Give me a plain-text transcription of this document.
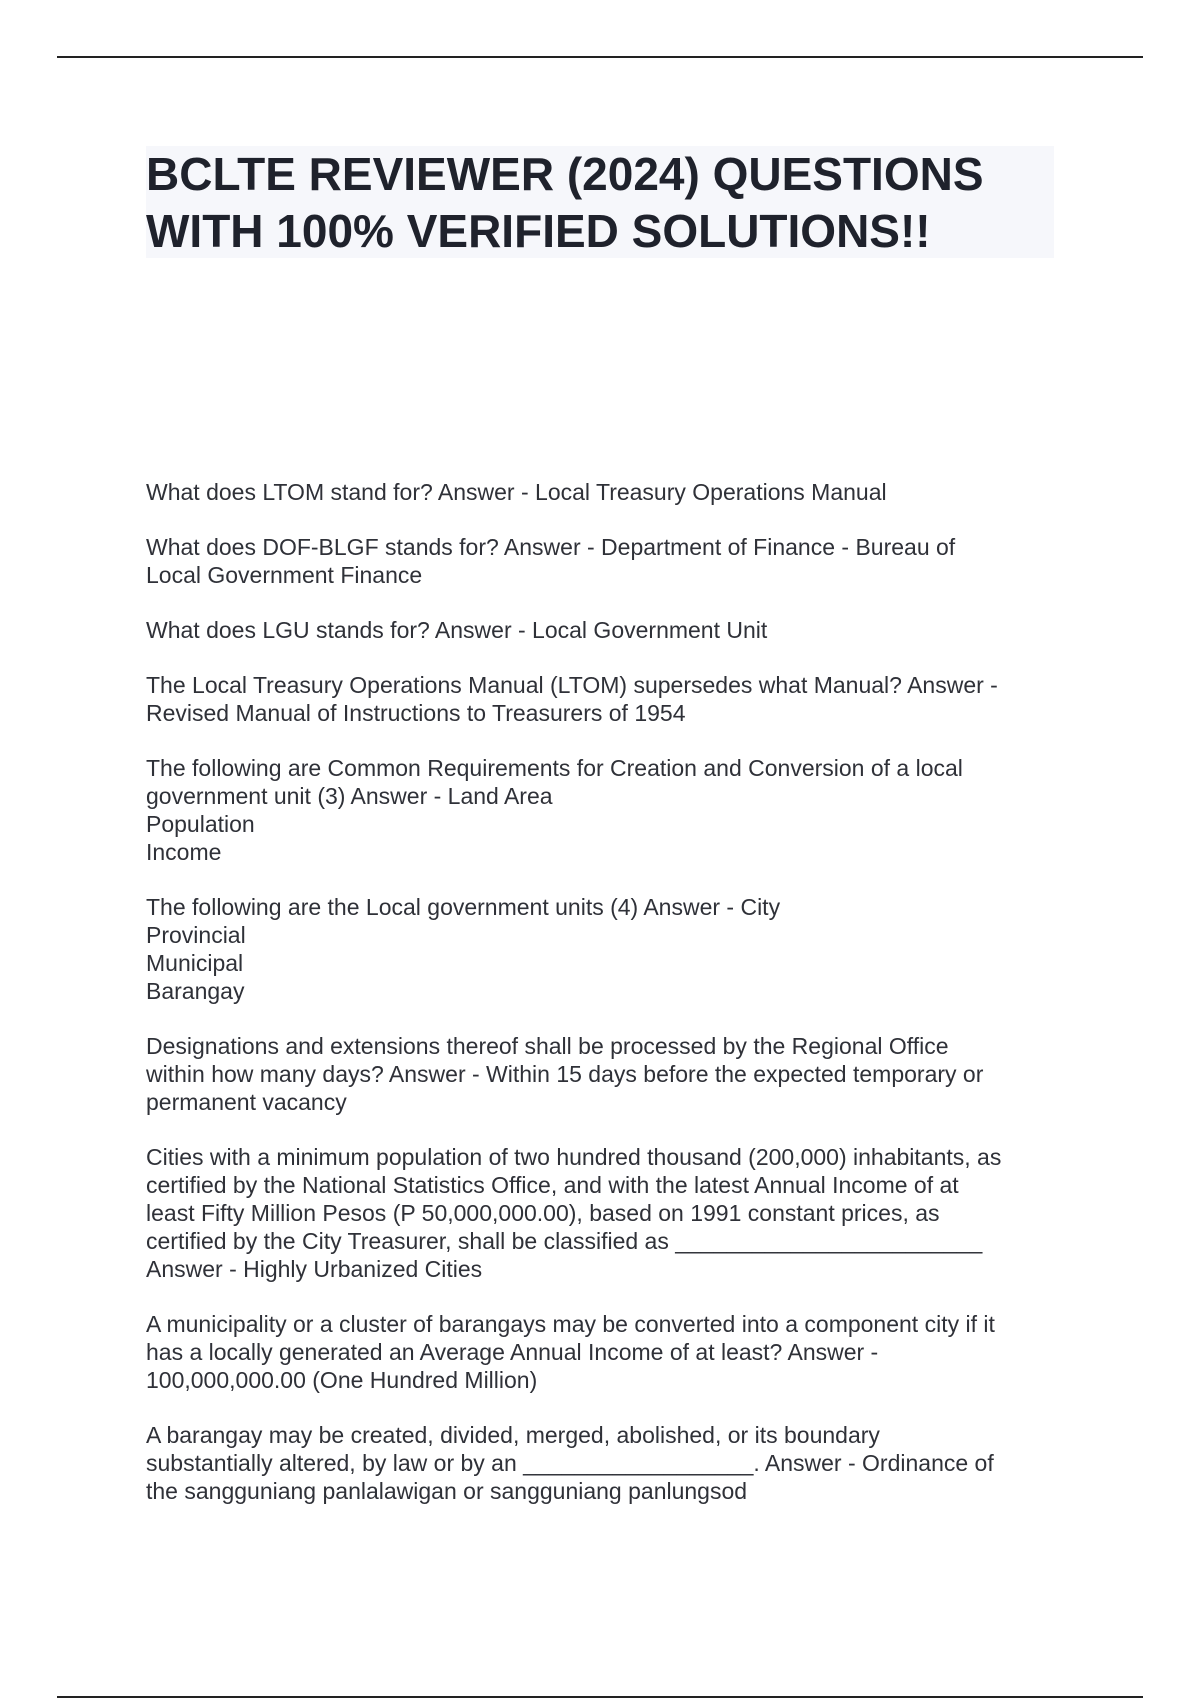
BCLTE REVIEWER (2024) QUESTIONS
WITH 100% VERIFIED SOLUTIONS!!

What does LTOM stand for? Answer - Local Treasury Operations Manual

What does DOF-BLGF stands for? Answer - Department of Finance - Bureau of
Local Government Finance

What does LGU stands for? Answer - Local Government Unit

The Local Treasury Operations Manual (LTOM) supersedes what Manual? Answer -
Revised Manual of Instructions to Treasurers of 1954

The following are Common Requirements for Creation and Conversion of a local
government unit (3) Answer - Land Area
Population
Income

The following are the Local government units (4) Answer - City
Provincial
Municipal
Barangay

Designations and extensions thereof shall be processed by the Regional Office
within how many days? Answer - Within 15 days before the expected temporary or
permanent vacancy

Cities with a minimum population of two hundred thousand (200,000) inhabitants, as
certified by the National Statistics Office, and with the latest Annual Income of at
least Fifty Million Pesos (P 50,000,000.00), based on 1991 constant prices, as
certified by the City Treasurer, shall be classified as ________________________
Answer - Highly Urbanized Cities

A municipality or a cluster of barangays may be converted into a component city if it
has a locally generated an Average Annual Income of at least? Answer -
100,000,000.00 (One Hundred Million)

A barangay may be created, divided, merged, abolished, or its boundary
substantially altered, by law or by an __________________. Answer - Ordinance of
the sangguniang panlalawigan or sangguniang panlungsod
